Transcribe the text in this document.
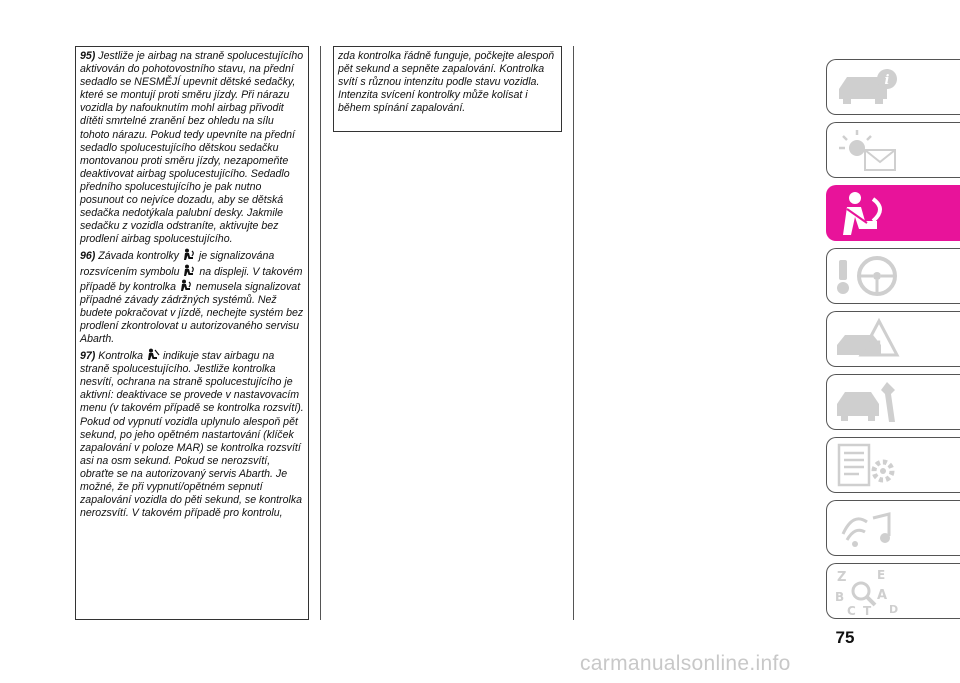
95) Jestliže je airbag na straně spolucestujícího aktivován do pohotovostního stavu, na přední sedadlo se NESMĚJÍ upevnit dětské sedačky, které se montují proti směru jízdy. Při nárazu vozidla by nafouknutím mohl airbag přivodit dítěti smrtelné zranění bez ohledu na sílu tohoto nárazu. Pokud tedy upevníte na přední sedadlo spolucestujícího dětskou sedačku montovanou proti směru jízdy, nezapomeňte deaktivovat airbag spolucestujícího. Sedadlo předního spolucestujícího je pak nutno posunout co nejvíce dozadu, aby se dětská sedačka nedotýkala palubní desky. Jakmile sedačku z vozidla odstraníte, aktivujte bez prodlení airbag spolucestujícího.

96) Závada kontrolky je signalizována rozsvícením symbolu na displeji. V takovém případě by kontrolka nemusela signalizovat případné závady zádržných systémů. Než budete pokračovat v jízdě, nechejte systém bez prodlení zkontrolovat u autorizovaného servisu Abarth.

97) Kontrolka indikuje stav airbagu na straně spolucestujícího. Jestliže kontrolka nesvítí, ochrana na straně spolucestujícího je aktivní: deaktivace se provede v nastavovacím menu (v takovém případě se kontrolka rozsvítí). Pokud od vypnutí vozidla uplynulo alespoň pět sekund, po jeho opětném nastartování (klíček zapalování v poloze MAR) se kontrolka rozsvítí asi na osm sekund. Pokud se nerozsvítí, obraťte se na autorizovaný servis Abarth. Je možné, že při vypnutí/opětném sepnutí zapalování vozidla do pěti sekund, se kontrolka nerozsvítí. V takovém případě pro kontrolu,

zda kontrolka řádně funguje, počkejte alespoň pět sekund a sepněte zapalování. Kontrolka svítí s různou intenzitu podle stavu vozidla. Intenzita svícení kontrolky může kolísat i během spínání zapalování.

i
!
Z	E
B	A
C T D
75
carmanualsonline.info
